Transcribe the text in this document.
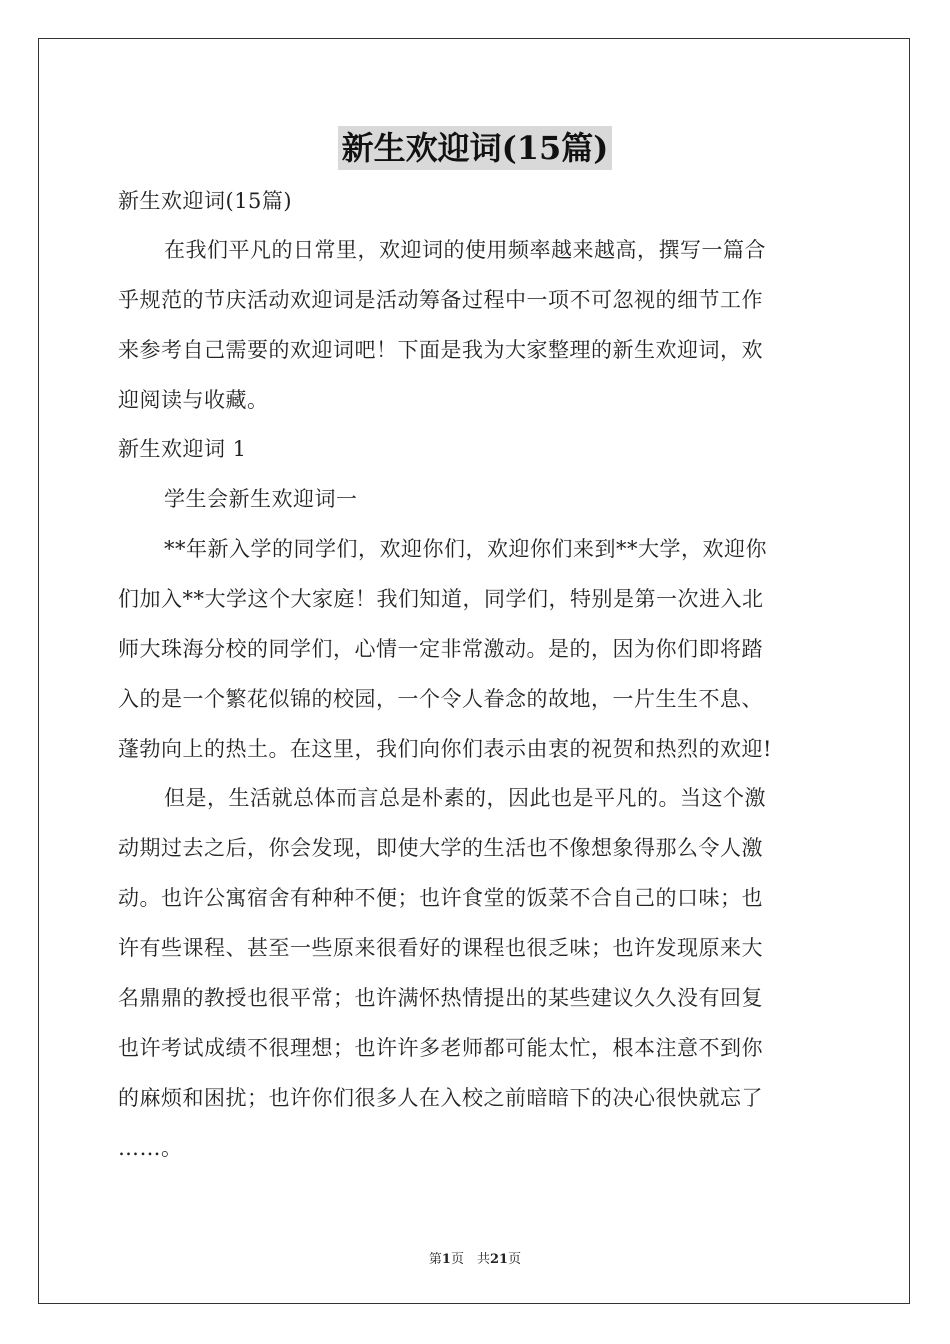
新生欢迎词(15篇)
新生欢迎词(15篇)
在我们平凡的日常里，欢迎词的使用频率越来越高，撰写一篇合
乎规范的节庆活动欢迎词是活动筹备过程中一项不可忽视的细节工作
来参考自己需要的欢迎词吧！下面是我为大家整理的新生欢迎词，欢
迎阅读与收藏。
新生欢迎词 1
学生会新生欢迎词一
**年新入学的同学们，欢迎你们，欢迎你们来到**大学，欢迎你
们加入**大学这个大家庭！我们知道，同学们，特别是第一次进入北
师大珠海分校的同学们，心情一定非常激动。是的，因为你们即将踏
入的是一个繁花似锦的校园，一个令人眷念的故地，一片生生不息、
蓬勃向上的热土。在这里，我们向你们表示由衷的祝贺和热烈的欢迎!
但是，生活就总体而言总是朴素的，因此也是平凡的。当这个激
动期过去之后，你会发现，即使大学的生活也不像想象得那么令人激
动。也许公寓宿舍有种种不便；也许食堂的饭菜不合自己的口味；也
许有些课程、甚至一些原来很看好的课程也很乏味；也许发现原来大
名鼎鼎的教授也很平常；也许满怀热情提出的某些建议久久没有回复
也许考试成绩不很理想；也许许多老师都可能太忙，根本注意不到你
的麻烦和困扰；也许你们很多人在入校之前暗暗下的决心很快就忘了
……。
第1页　共21页
